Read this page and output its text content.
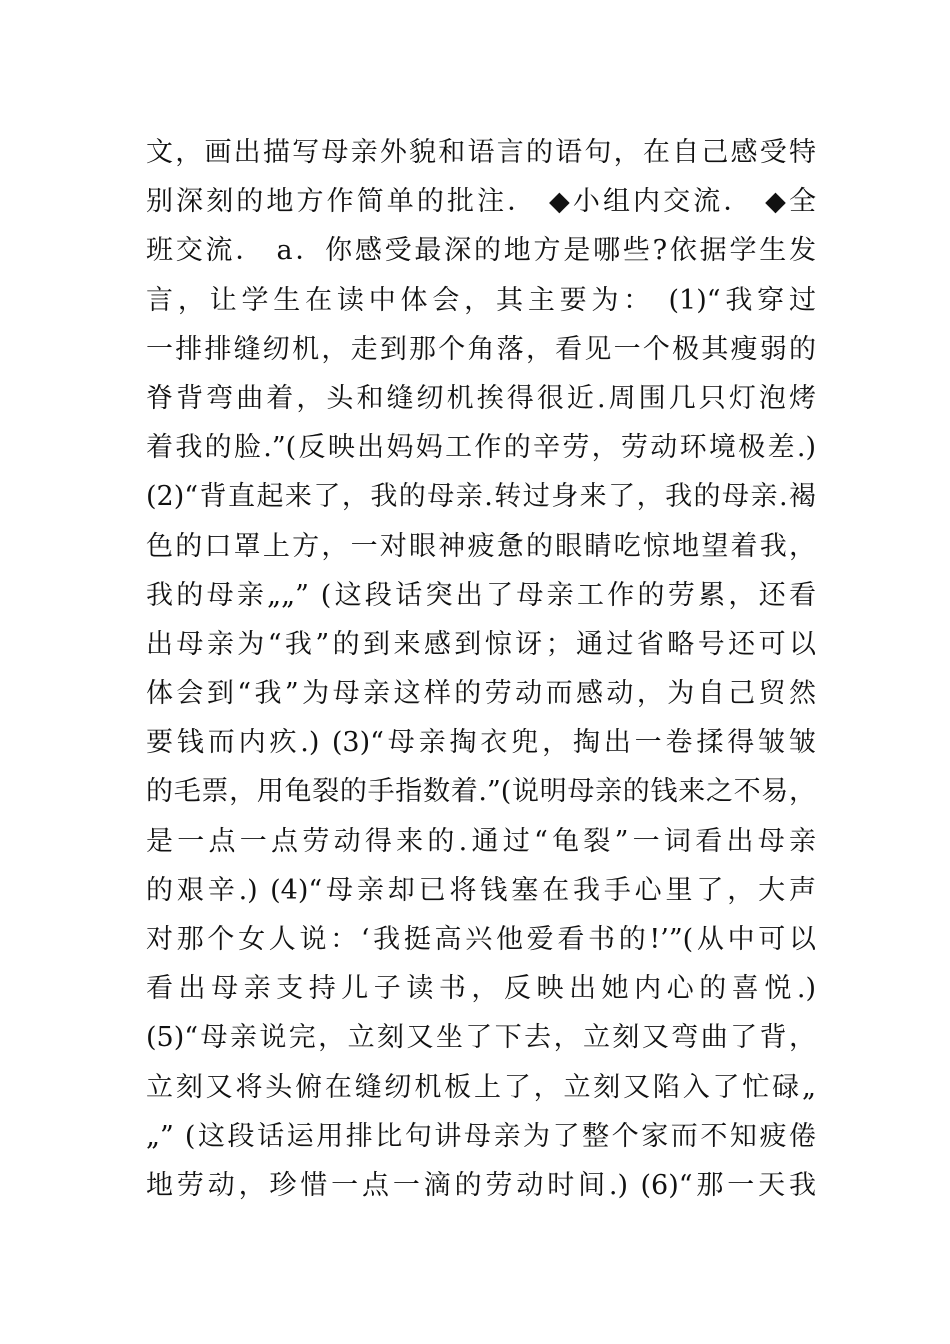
文，画出描写母亲外貌和语言的语句，在自己感受特
别深刻的地方作简单的批注． ◆小组内交流． ◆全
班交流． a．你感受最深的地方是哪些?依据学生发
言，让学生在读中体会，其主要为： (1)“我穿过
一排排缝纫机，走到那个角落，看见一个极其瘦弱的
脊背弯曲着，头和缝纫机挨得很近.周围几只灯泡烤
着我的脸.”(反映出妈妈工作的辛劳，劳动环境极差.)
(2)“背直起来了，我的母亲.转过身来了，我的母亲.褐
色的口罩上方，一对眼神疲惫的眼睛吃惊地望着我，
我的母亲„„” (这段话突出了母亲工作的劳累，还看
出母亲为“我”的到来感到惊讶；通过省略号还可以
体会到“我”为母亲这样的劳动而感动，为自己贸然
要钱而内疚.) (3)“母亲掏衣兜，掏出一卷揉得皱皱
的毛票，用龟裂的手指数着.”(说明母亲的钱来之不易，
是一点一点劳动得来的.通过“龟裂”一词看出母亲
的艰辛.) (4)“母亲却已将钱塞在我手心里了，大声
对那个女人说：‘我挺高兴他爱看书的!’”(从中可以
看出母亲支持儿子读书，反映出她内心的喜悦.)
(5)“母亲说完，立刻又坐了下去，立刻又弯曲了背，
立刻又将头俯在缝纫机板上了，立刻又陷入了忙碌„
„” (这段话运用排比句讲母亲为了整个家而不知疲倦
地劳动，珍惜一点一滴的劳动时间.) (6)“那一天我
